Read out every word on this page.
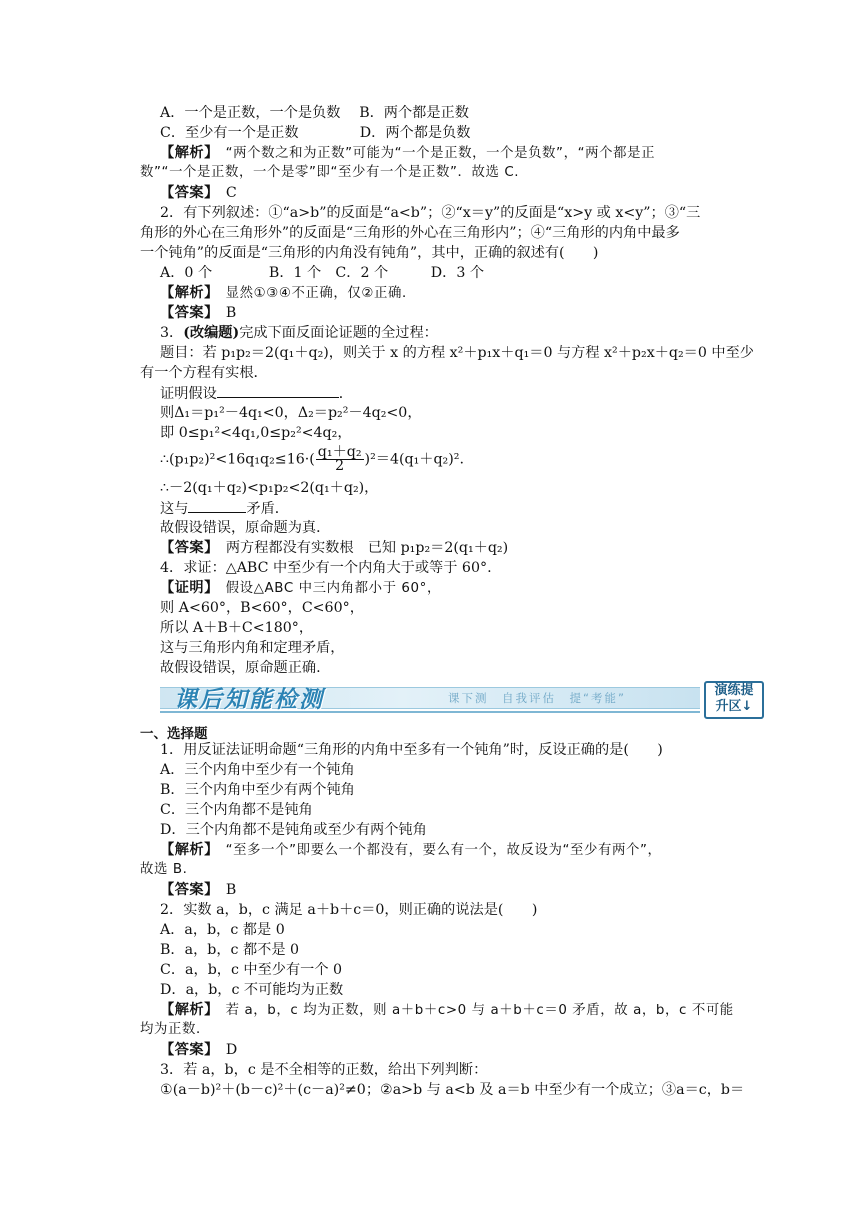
A．一个是正数，一个是负数　 B．两个都是正数
C．至少有一个是正数　　　　 D．两个都是负数
【解析】　“两个数之和为正数”可能为“一个是正数，一个是负数”，“两个都是正
数”“一个是正数，一个是零”即“至少有一个是正数”．故选 C.
【答案】　C
2．有下列叙述：①“a>b”的反面是“a<b”；②“x＝y”的反面是“x>y 或 x<y”；③“三
角形的外心在三角形外”的反面是“三角形的外心在三角形内”；④“三角形的内角中最多
一个钝角”的反面是“三角形的内角没有钝角”，其中，正确的叙述有(　　)
A．0 个　　　　B．1 个　C．2 个　　　D．3 个
【解析】　显然①③④不正确，仅②正确．
【答案】　B
3．(改编题)完成下面反面论证题的全过程：
题目：若 p₁p₂＝2(q₁＋q₂)，则关于 x 的方程 x²＋p₁x＋q₁＝0 与方程 x²＋p₂x＋q₂＝0 中至少
有一个方程有实根．
证明假设	．
则Δ₁＝p₁²－4q₁<0，Δ₂＝p₂²－4q₂<0，
即 0≤p₁²<4q₁,0≤p₂²<4q₂，
∴(p₁p₂)²<16q₁q₂≤16·( $\frac{\text{q₁＋q₂}}{2} )^2=4(q_1+q_2)^2$.
∴－2(q₁＋q₂)<p₁p₂<2(q₁＋q₂)，
这与	矛盾．
故假设错误，原命题为真．
【答案】　两方程都没有实数根　已知 p₁p₂＝2(q₁＋q₂)
4．求证：△ABC 中至少有一个内角大于或等于 60°.
【证明】　假设△ABC 中三内角都小于 60°，
则 A<60°，B<60°，C<60°，
所以 A＋B＋C<180°，
这与三角形内角和定理矛盾，
故假设错误，原命题正确.
课后知能检测	课下测　自我评估　提“考能”	演练提
升区↓
一、选择题
1．用反证法证明命题“三角形的内角中至多有一个钝角”时，反设正确的是(　　)
A．三个内角中至少有一个钝角
B．三个内角中至少有两个钝角
C．三个内角都不是钝角
D．三个内角都不是钝角或至少有两个钝角
【解析】　“至多一个”即要么一个都没有，要么有一个，故反设为“至少有两个”，
故选 B.
【答案】　B
2．实数 a，b，c 满足 a＋b＋c＝0，则正确的说法是(　　)
A．a，b，c 都是 0
B．a，b，c 都不是 0
C．a，b，c 中至少有一个 0
D．a，b，c 不可能均为正数
【解析】　若 a，b，c 均为正数，则 a＋b＋c>0 与 a＋b＋c＝0 矛盾，故 a，b，c 不可能
均为正数．
【答案】　D
3．若 a，b，c 是不全相等的正数，给出下列判断：
①(a－b)²＋(b－c)²＋(c－a)²≠0；②a>b 与 a<b 及 a＝b 中至少有一个成立；③a＝c，b＝
